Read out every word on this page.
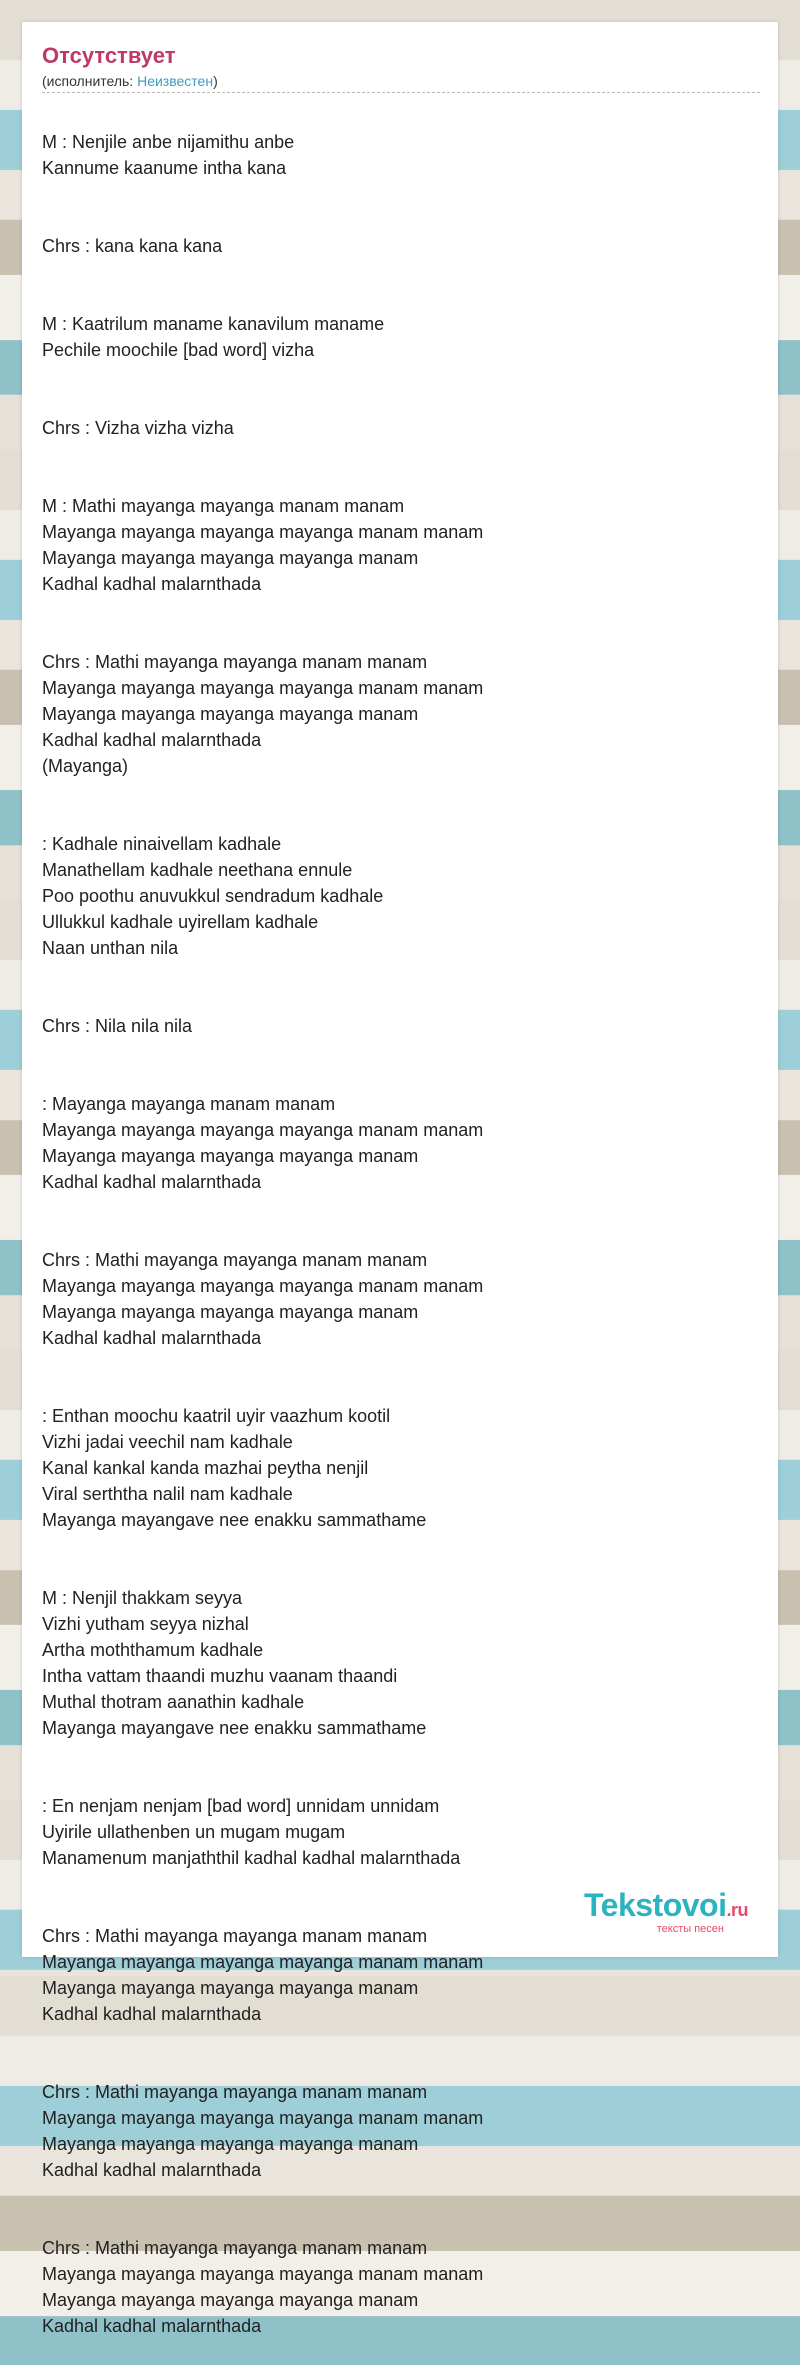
Отсутствует
(исполнитель: Неизвестен)

M : Nenjile anbe nijamithu anbe
Kannume kaanume intha kana

Chrs : kana kana kana

M : Kaatrilum maname kanavilum maname
Pechile moochile [bad word] vizha

Chrs : Vizha vizha vizha

M : Mathi mayanga mayanga manam manam
Mayanga mayanga mayanga mayanga manam manam
Mayanga mayanga mayanga mayanga manam
Kadhal kadhal malarnthada

Chrs : Mathi mayanga mayanga manam manam
Mayanga mayanga mayanga mayanga manam manam
Mayanga mayanga mayanga mayanga manam
Kadhal kadhal malarnthada
(Mayanga)

: Kadhale ninaivellam kadhale
Manathellam kadhale neethana ennule
Poo poothu anuvukkul sendradum kadhale
Ullukkul kadhale uyirellam kadhale
Naan unthan nila

Chrs : Nila nila nila

: Mayanga mayanga manam manam
Mayanga mayanga mayanga mayanga manam manam
Mayanga mayanga mayanga mayanga manam
Kadhal kadhal malarnthada

Chrs : Mathi mayanga mayanga manam manam
Mayanga mayanga mayanga mayanga manam manam
Mayanga mayanga mayanga mayanga manam
Kadhal kadhal malarnthada

: Enthan moochu kaatril uyir vaazhum kootil
Vizhi jadai veechil nam kadhale
Kanal kankal kanda mazhai peytha nenjil
Viral serththa nalil nam kadhale
Mayanga mayangave nee enakku sammathame

M : Nenjil thakkam seyya
Vizhi yutham seyya nizhal
Artha moththamum kadhale
Intha vattam thaandi muzhu vaanam thaandi
Muthal thotram aanathin kadhale
Mayanga mayangave nee enakku sammathame

: En nenjam nenjam [bad word] unnidam unnidam
Uyirile ullathenben un mugam mugam
Manamenum manjaththil kadhal kadhal malarnthada

Chrs : Mathi mayanga mayanga manam manam
Mayanga mayanga mayanga mayanga manam manam
Mayanga mayanga mayanga mayanga manam
Kadhal kadhal malarnthada

Chrs : Mathi mayanga mayanga manam manam
Mayanga mayanga mayanga mayanga manam manam
Mayanga mayanga mayanga mayanga manam
Kadhal kadhal malarnthada

Chrs : Mathi mayanga mayanga manam manam
Mayanga mayanga mayanga mayanga manam manam
Mayanga mayanga mayanga mayanga manam
Kadhal kadhal malarnthada

Tekstovoi.ru
тексты песен
